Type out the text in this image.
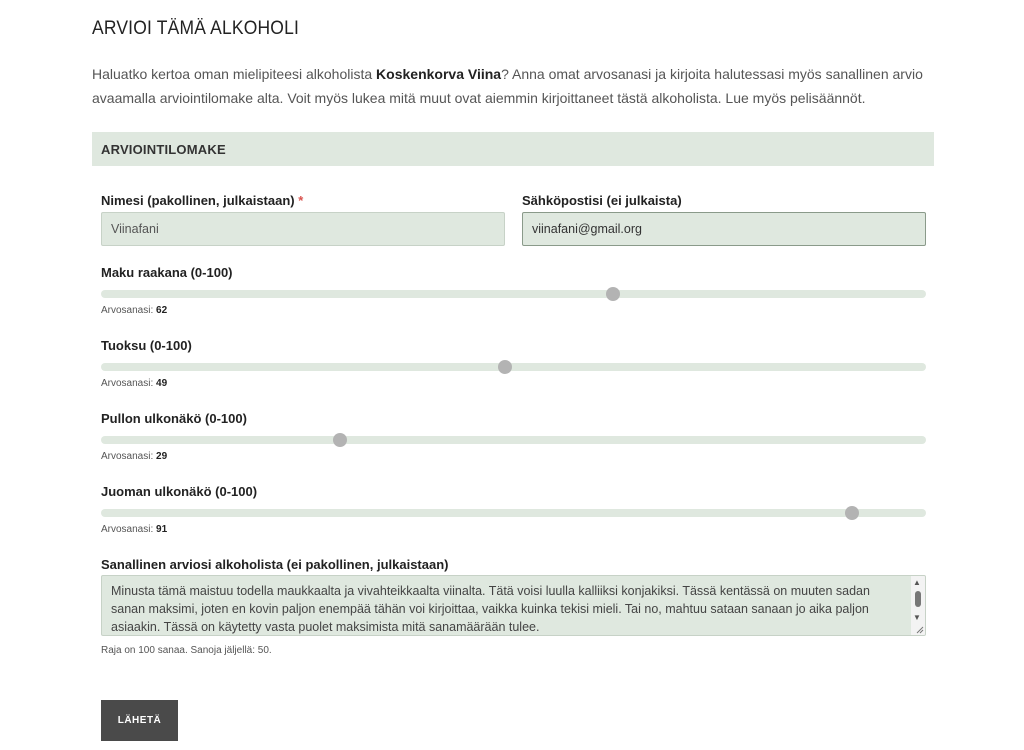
ARVIOI TÄMÄ ALKOHOLI

Haluatko kertoa oman mielipiteesi alkoholista Koskenkorva Viina? Anna omat arvosanasi ja kirjoita halutessasi myös sanallinen arvio avaamalla arviointilomake alta. Voit myös lukea mitä muut ovat aiemmin kirjoittaneet tästä alkoholista. Lue myös pelisäännöt.

ARVIOINTILOMAKE
Nimesi (pakollinen, julkaistaan) *
Viinafani	Sähköpostisi (ei julkaista)
viinafani@gmail.org
Maku raakana (0-100)
Arvosanasi: 62
Tuoksu (0-100)
Arvosanasi: 49
Pullon ulkonäkö (0-100)
Arvosanasi: 29
Juoman ulkonäkö (0-100)
Arvosanasi: 91
Sanallinen arviosi alkoholista (ei pakollinen, julkaistaan)
Minusta tämä maistuu todella maukkaalta ja vivahteikkaalta viinalta. Tätä voisi luulla kalliiksi konjakiksi. Tässä kentässä on muuten sadan sanan maksimi, joten en kovin paljon enempää tähän voi kirjoittaa, vaikka kuinka tekisi mieli. Tai no, mahtuu sataan sanaan jo aika paljon asiaakin. Tässä on käytetty vasta puolet maksimista mitä sanamäärään tulee.
▲
▼
Raja on 100 sanaa. Sanoja jäljellä: 50.
LÄHETÄ
